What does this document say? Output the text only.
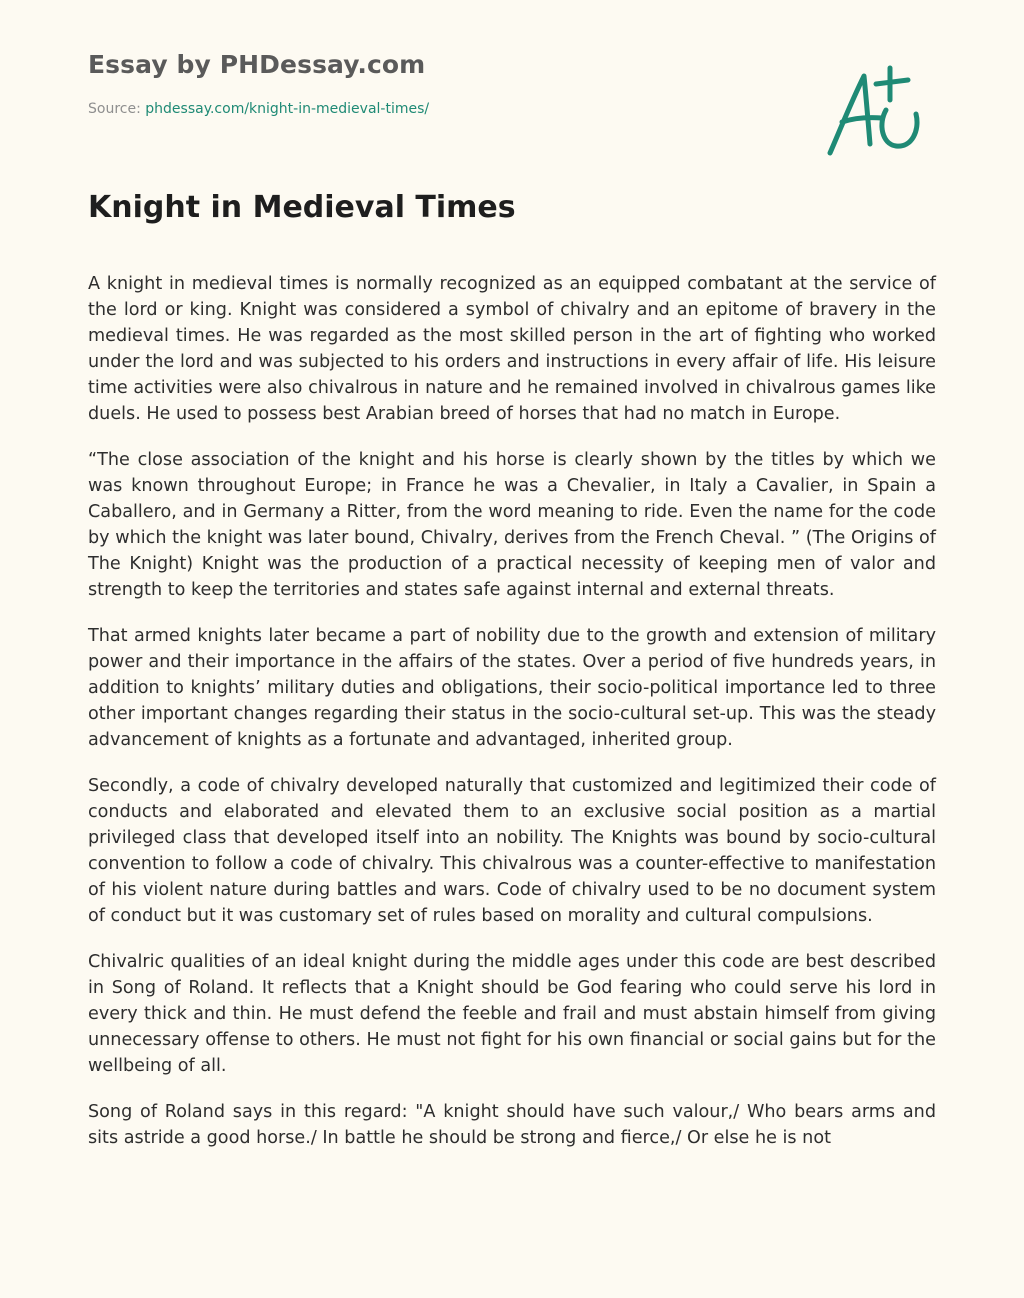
Essay by PHDessay.com
Source: phdessay.com/knight-in-medieval-times/
Knight in Medieval Times

A knight in medieval times is normally recognized as an equipped combatant at the service of the lord or king. Knight was considered a symbol of chivalry and an epitome of bravery in the medieval times. He was regarded as the most skilled person in the art of fighting who worked under the lord and was subjected to his orders and instructions in every affair of life. His leisure time activities were also chivalrous in nature and he remained involved in chivalrous games like duels. He used to possess best Arabian breed of horses that had no match in Europe.

“The close association of the knight and his horse is clearly shown by the titles by which we was known throughout Europe; in France he was a Chevalier, in Italy a Cavalier, in Spain a Caballero, and in Germany a Ritter, from the word meaning to ride. Even the name for the code by which the knight was later bound, Chivalry, derives from the French Cheval. ” (The Origins of The Knight) Knight was the production of a practical necessity of keeping men of valor and strength to keep the territories and states safe against internal and external threats.

That armed knights later became a part of nobility due to the growth and extension of military power and their importance in the affairs of the states. Over a period of five hundreds years, in addition to knights’ military duties and obligations, their socio-political importance led to three other important changes regarding their status in the socio-cultural set-up. This was the steady advancement of knights as a fortunate and advantaged, inherited group.

Secondly, a code of chivalry developed naturally that customized and legitimized their code of conducts and elaborated and elevated them to an exclusive social position as a martial privileged class that developed itself into an nobility. The Knights was bound by socio-cultural convention to follow a code of chivalry. This chivalrous was a counter-effective to manifestation of his violent nature during battles and wars. Code of chivalry used to be no document system of conduct but it was customary set of rules based on morality and cultural compulsions.

Chivalric qualities of an ideal knight during the middle ages under this code are best described in Song of Roland. It reflects that a Knight should be God fearing who could serve his lord in every thick and thin. He must defend the feeble and frail and must abstain himself from giving unnecessary offense to others. He must not fight for his own financial or social gains but for the wellbeing of all.

Song of Roland says in this regard: "A knight should have such valour,/ Who bears arms and sits astride a good horse./ In battle he should be strong and fierce,/ Or else he is not
